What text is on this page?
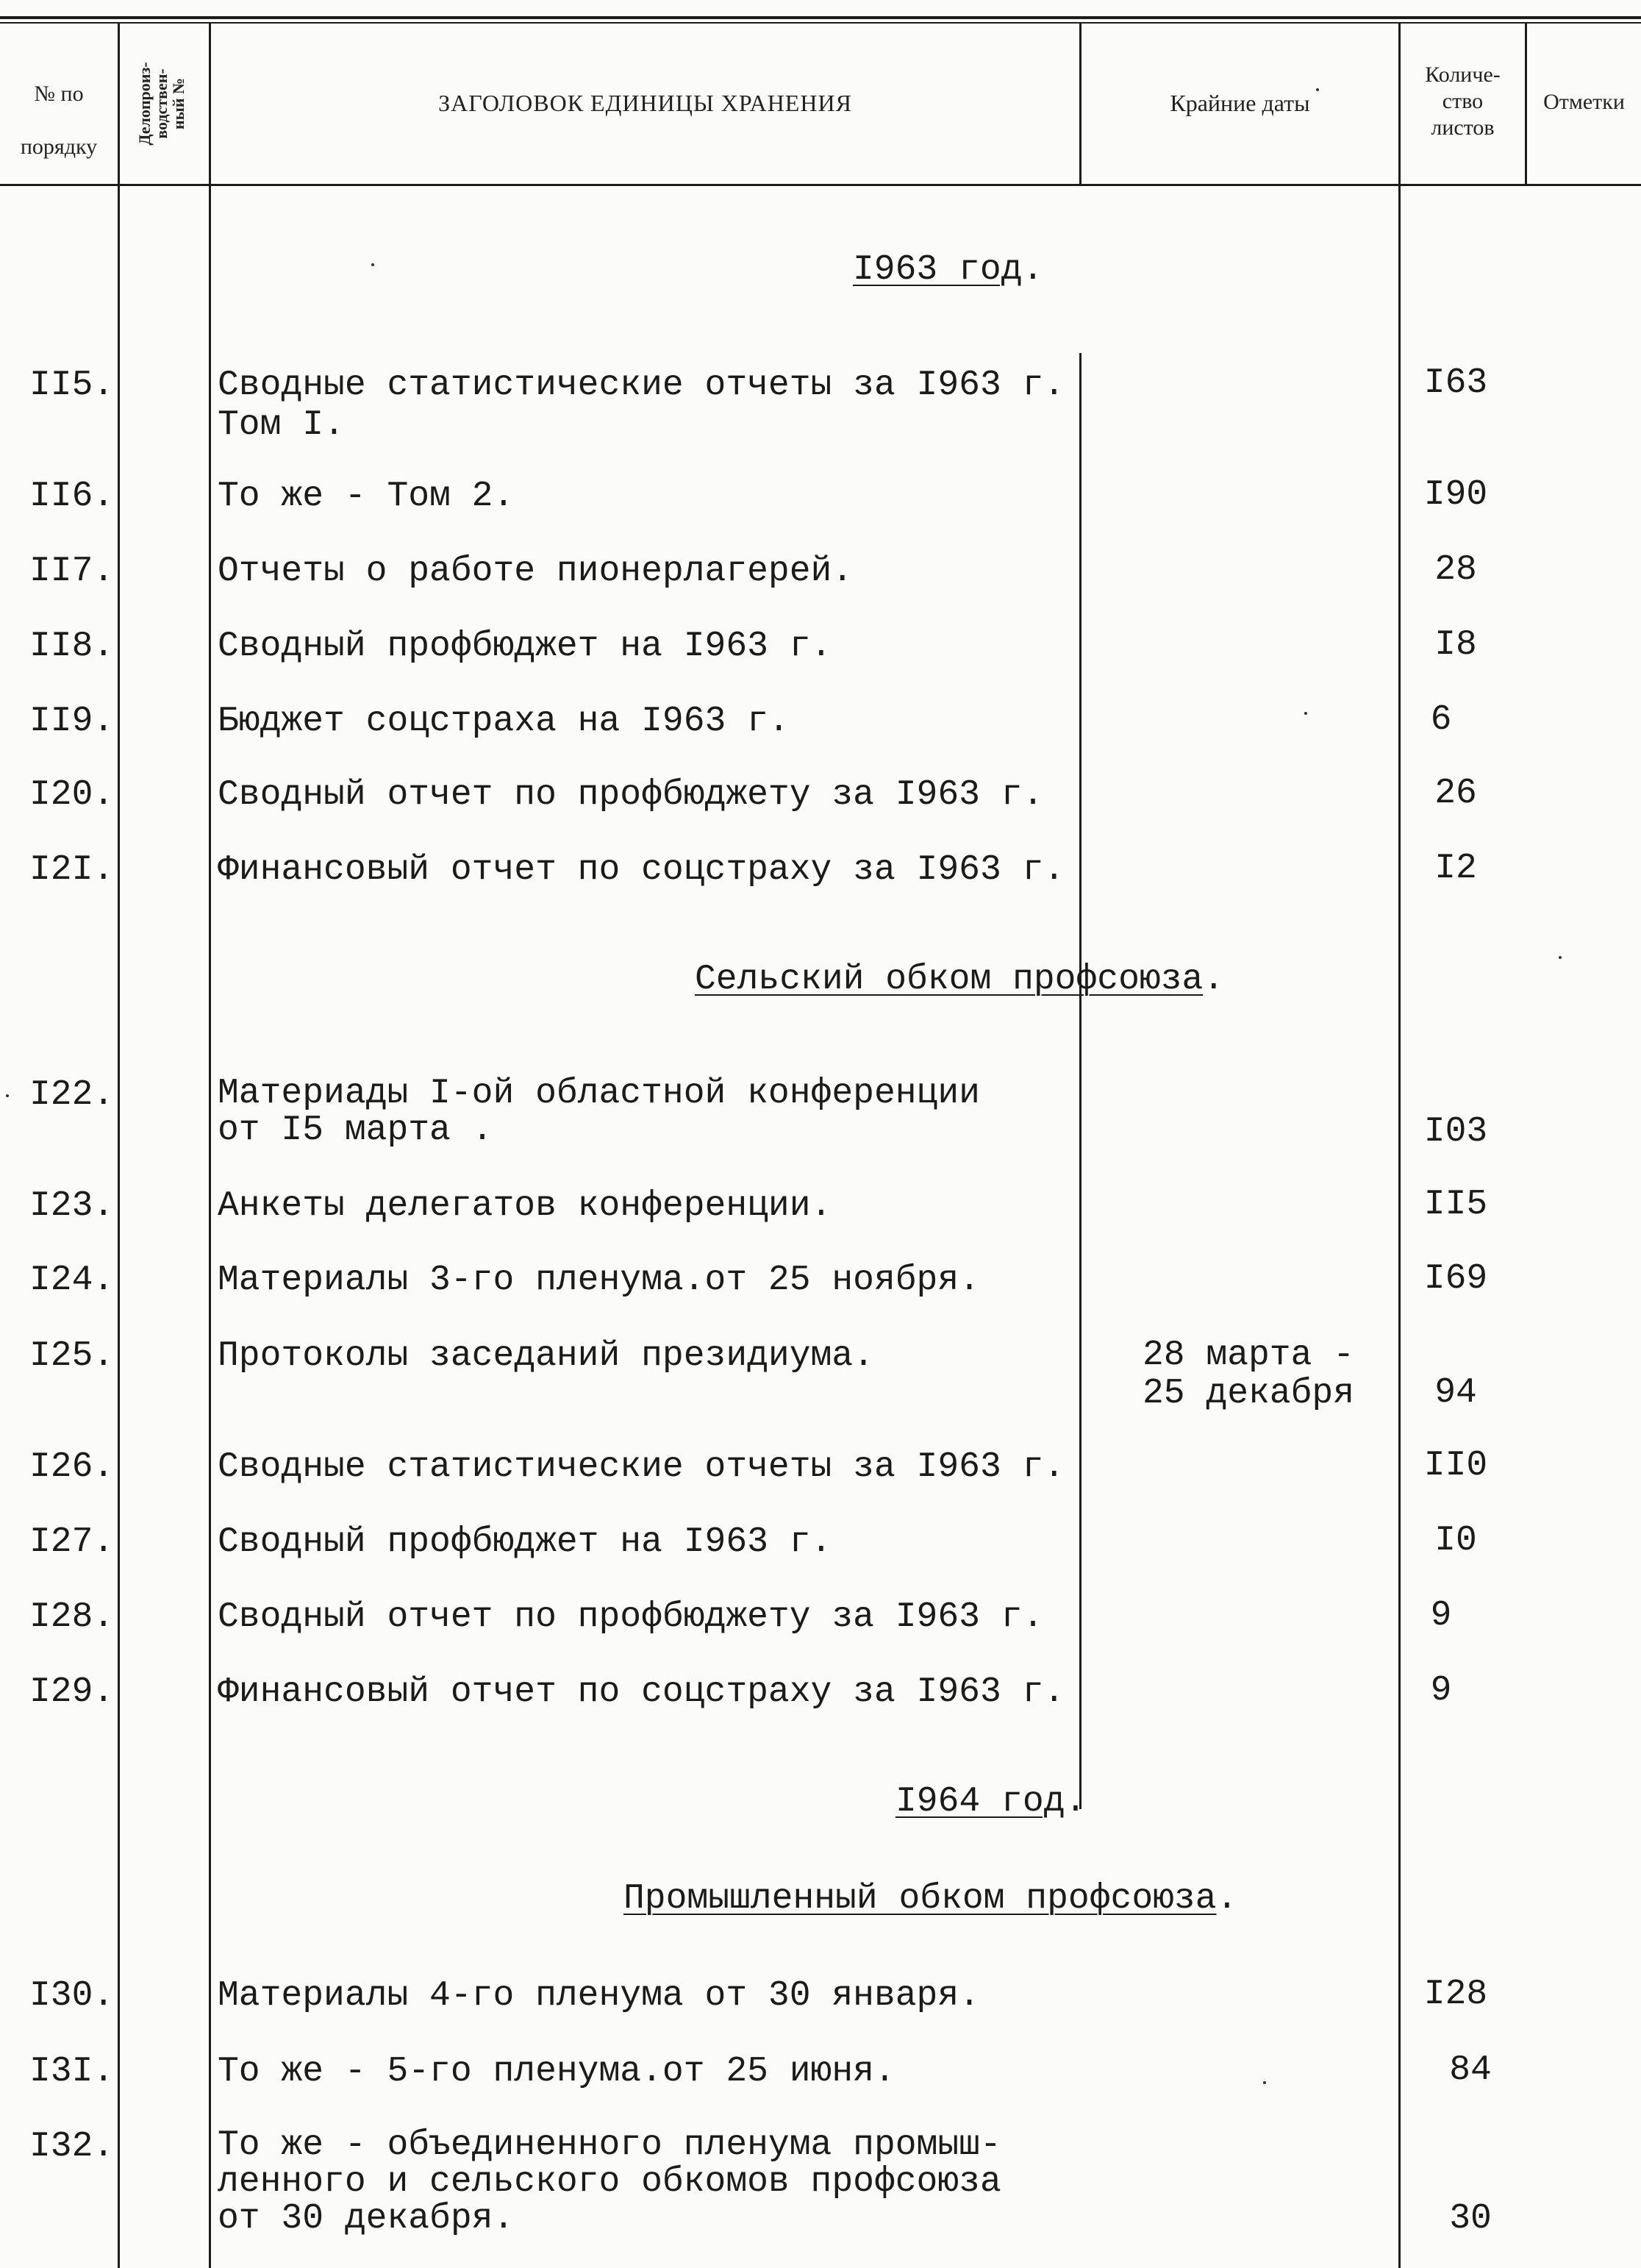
№ по
порядку
Делопроиз-
водствен-
ный №
ЗАГОЛОВОК ЕДИНИЦЫ ХРАНЕНИЯ	Крайние даты
Количе-
ство
листов
Отметки
I963 год.
Сельский обком профсоюза.
I964 год.
Промышленный обком профсоюза.
II5 .	Сводные статистические отчеты за I963 г.
Том I.
I63
II6 .	То же - Том 2.	I90
II7 .	Отчеты о работе пионерлагерей.	28
II8 .	Сводный профбюджет на I963 г.	I8
II9 .	Бюджет соцстраха на I963 г.	6
I20 .	Сводный отчет по профбюджету за I963 г.	26
I2I .	Финансовый отчет по соцстраху за I963 г.	I2
I22 .	Материады I-ой областной конференции
от I5 марта .	I03
I23 .	Анкеты делегатов конференции.	II5
I24 .	Материалы 3-го пленума.от 25 ноября.	I69
I25 .	Протоколы заседаний президиума.	28 марта -
25 декабря	94
I26 .	Сводные статистические отчеты за I963 г.	II0
I27 .	Сводный профбюджет на I963 г.	I0
I28 .	Сводный отчет по профбюджету за I963 г.	9
I29 .	Финансовый отчет по соцстраху за I963 г.	9
I30 .	Материалы 4-го пленума от 30 января.	I28
I3I .	То же - 5-го пленума.от 25 июня.	84
I32 .	То же - объединенного пленума промыш-
ленного и сельского обкомов профсоюза
от 30 декабря.	30
